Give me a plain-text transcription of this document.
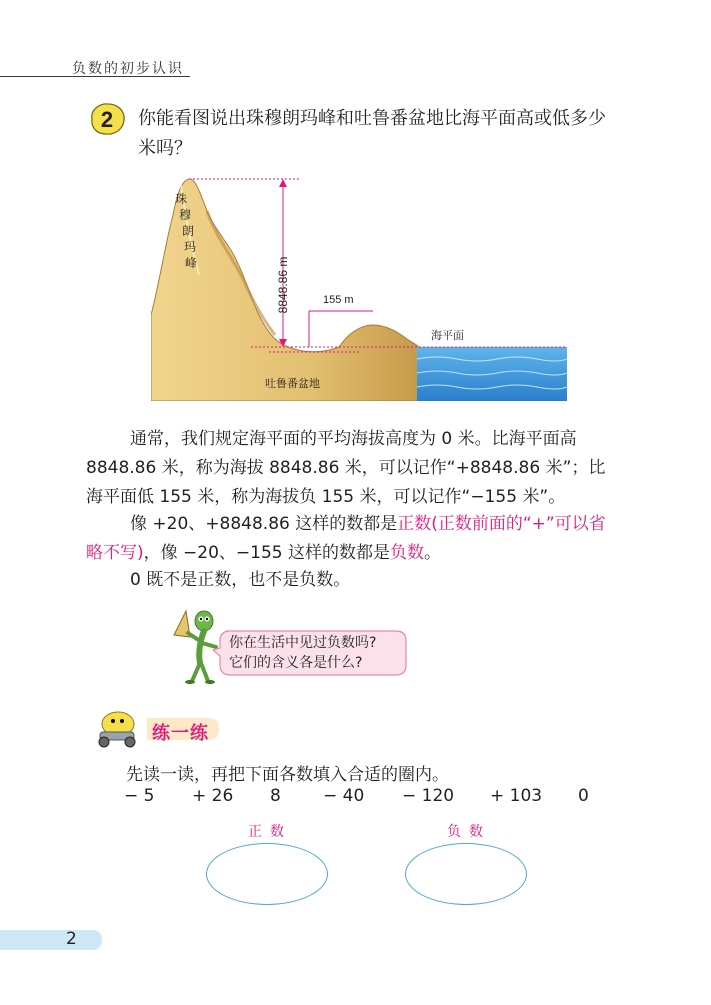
负数的初步认识
2 你能看图说出珠穆朗玛峰和吐鲁番盆地比海平面高或低多少
米吗？
珠
穆
朗
玛
峰	8848.86 m	155 m
海平面
吐鲁番盆地
通常，我们规定海平面的平均海拔高度为 0 米。比海平面高
8848.86 米，称为海拔 8848.86 米，可以记作“+8848.86 米”；比
海平面低 155 米，称为海拔负 155 米，可以记作“−155 米”。
像 +20、+8848.86 这样的数都是正数(正数前面的“+”可以省
略不写)，像 −20、−155 这样的数都是负数。
0 既不是正数，也不是负数。
你在生活中见过负数吗?
它们的含义各是什么?
练一练
先读一读，再把下面各数填入合适的圈内。
− 5 + 26 8 − 40 − 120 + 103 0
正数	负数
2
